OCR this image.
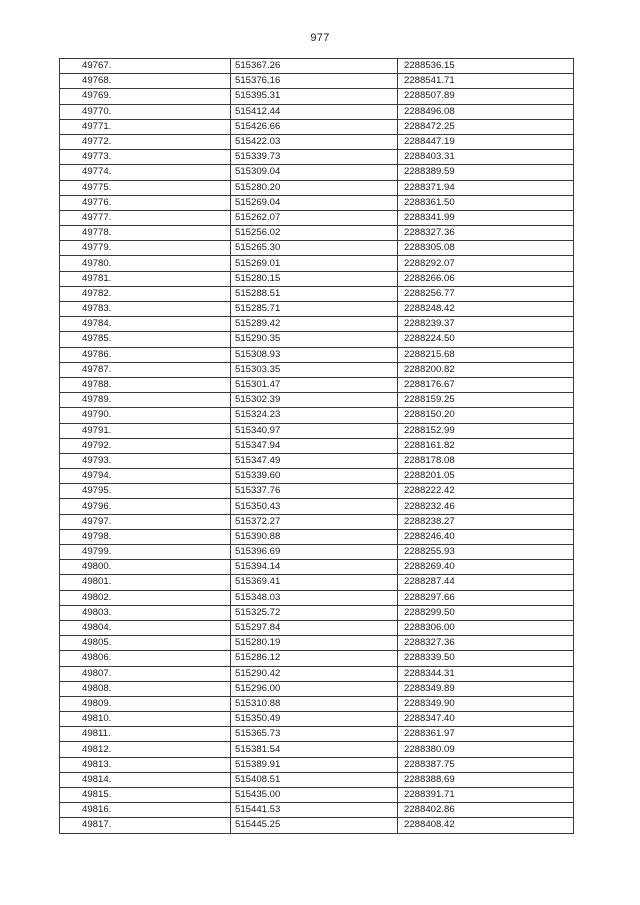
977
49767.	515367.26	2288536.15
49768.	515376.16	2288541.71
49769.	515395.31	2288507.89
49770.	515412.44	2288496.08
49771.	515426.66	2288472.25
49772.	515422.03	2288447.19
49773.	515339.73	2288403.31
49774.	515309.04	2288389.59
49775.	515280.20	2288371.94
49776.	515269.04	2288361.50
49777.	515262.07	2288341.99
49778.	515256.02	2288327.36
49779.	515265.30	2288305.08
49780.	515269.01	2288292.07
49781.	515280.15	2288266.06
49782.	515288.51	2288256.77
49783.	515285.71	2288248.42
49784.	515289.42	2288239.37
49785.	515290.35	2288224.50
49786.	515308.93	2288215.68
49787.	515303.35	2288200.82
49788.	515301.47	2288176.67
49789.	515302.39	2288159.25
49790.	515324.23	2288150.20
49791.	515340.97	2288152.99
49792.	515347.94	2288161.82
49793.	515347.49	2288178.08
49794.	515339.60	2288201.05
49795.	515337.76	2288222.42
49796.	515350.43	2288232.46
49797.	515372.27	2288238.27
49798.	515390.88	2288246.40
49799.	515396.69	2288255.93
49800.	515394.14	2288269.40
49801.	515369.41	2288287.44
49802.	515348.03	2288297.66
49803.	515325.72	2288299.50
49804.	515297.84	2288306.00
49805.	515280.19	2288327.36
49806.	515286.12	2288339.50
49807.	515290.42	2288344.31
49808.	515296.00	2288349.89
49809.	515310.88	2288349.90
49810.	515350.49	2288347.40
49811.	515365.73	2288361.97
49812.	515381.54	2288380.09
49813.	515389.91	2288387.75
49814.	515408.51	2288388.69
49815.	515435.00	2288391.71
49816.	515441.53	2288402.86
49817.	515445.25	2288408.42
